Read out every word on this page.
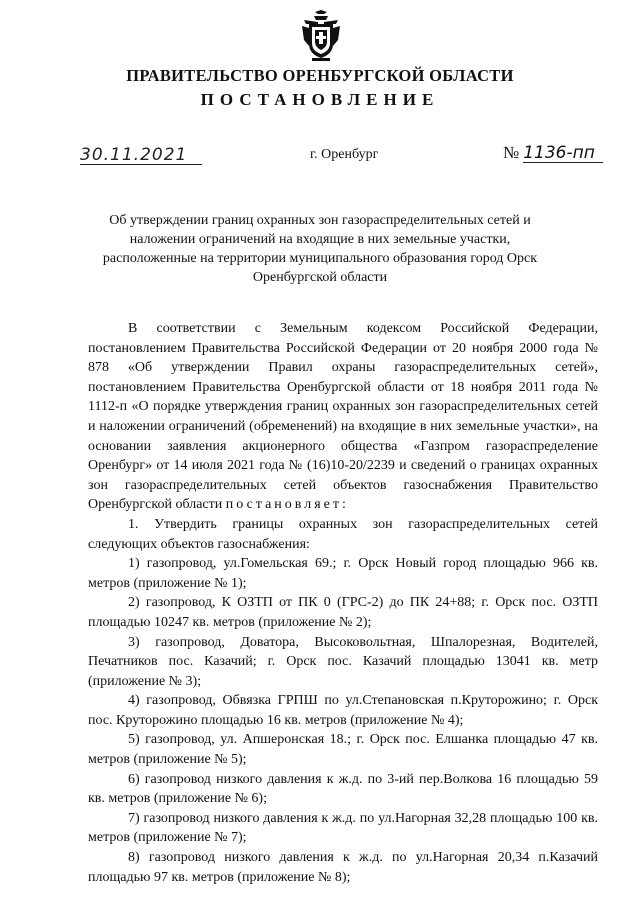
ПРАВИТЕЛЬСТВО ОРЕНБУРГСКОЙ ОБЛАСТИ
ПОСТАНОВЛЕНИЕ
30.11.2021	г. Оренбург	№ 1136-пп
Об утверждении границ охранных зон газораспределительных сетей и наложении ограничений на входящие в них земельные участки, расположенные на территории муниципального образования город Орск Оренбургской области

В соответствии с Земельным кодексом Российской Федерации, постановлением Правительства Российской Федерации от 20 ноября 2000 года № 878 «Об утверждении Правил охраны газораспределительных сетей», постановлением Правительства Оренбургской области от 18 ноября 2011 года № 1112-п «О порядке утверждения границ охранных зон газораспределительных сетей и наложении ограничений (обременений) на входящие в них земельные участки», на основании заявления акционерного общества «Газпром газораспределение Оренбург» от 14 июля 2021 года № (16)10-20/2239 и сведений о границах охранных зон газораспределительных сетей объектов газоснабжения Правительство Оренбургской области постановляет:

1. Утвердить границы охранных зон газораспределительных сетей следующих объектов газоснабжения:

1) газопровод, ул.Гомельская 69.; г. Орск Новый город площадью 966 кв. метров (приложение № 1);

2) газопровод, К ОЗТП от ПК 0 (ГРС-2) до ПК 24+88; г. Орск пос. ОЗТП площадью 10247 кв. метров (приложение № 2);

3) газопровод, Доватора, Высоковольтная, Шпалорезная, Водителей, Печатников пос. Казачий; г. Орск пос. Казачий площадью 13041 кв. метр (приложение № 3);

4) газопровод, Обвязка ГРПШ по ул.Степановская п.Круторожино; г. Орск пос. Круторожино площадью 16 кв. метров (приложение № 4);

5) газопровод, ул. Апшеронская 18.; г. Орск пос. Елшанка площадью 47 кв. метров (приложение № 5);

6) газопровод низкого давления к ж.д. по 3-ий пер.Волкова 16 площадью 59 кв. метров (приложение № 6);

7) газопровод низкого давления к ж.д. по ул.Нагорная 32,28 площадью 100 кв. метров (приложение № 7);

8) газопровод низкого давления к ж.д. по ул.Нагорная 20,34 п.Казачий площадью 97 кв. метров (приложение № 8);
